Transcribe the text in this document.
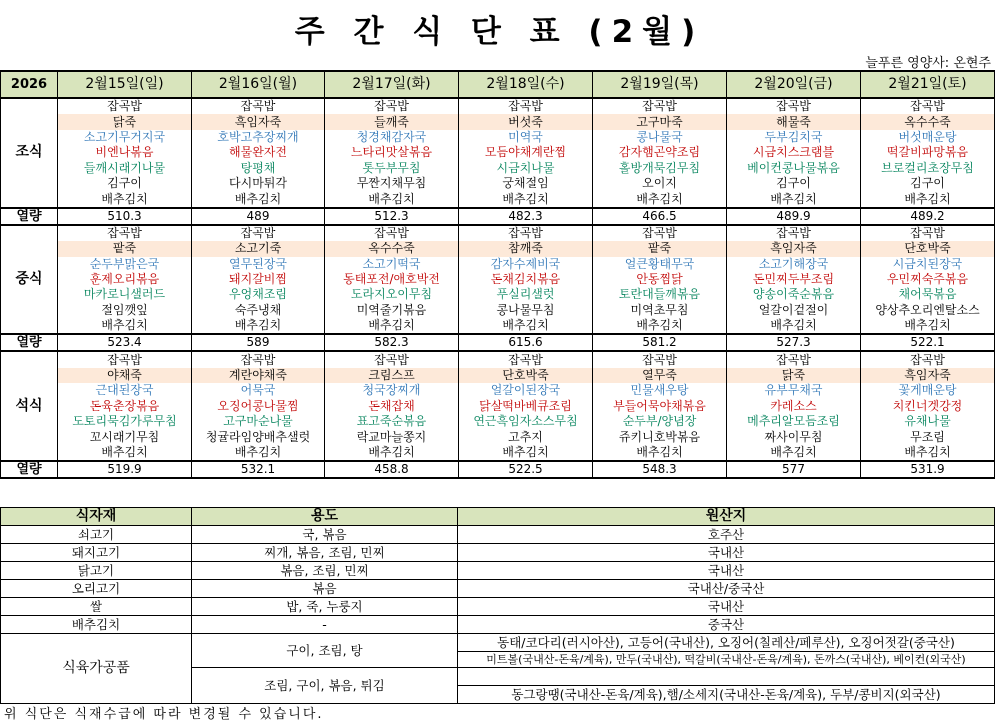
주 간 식 단 표 (2월)
늘푸른 영양사: 온현주
2026	2월15일(일)	2월16일(월)	2월17일(화)	2월18일(수)	2월19일(목)	2월20일(금)	2월21일(토)
조식	잡곡밥	잡곡밥	잡곡밥	잡곡밥	잡곡밥	잡곡밥	잡곡밥
	닭죽	흑임자죽	들깨죽	버섯죽	고구마죽	해물죽	옥수수죽
	소고기무거지국	호박고추장찌개	청경채감자국	미역국	콩나물국	두부김치국	버섯매운탕
	비엔나볶음	해물완자전	느타리맛살볶음	모듬야채계란찜	감자햄곤약조림	시금치스크램블	떡갈비파망볶음
	들깨시래기나물	탕평채	톳두부무침	시금치나물	홀방개묵김무침	베이컨콩나물볶음	브로컬리초장무침
	김구이	다시마튀각	무짠지채무침	궁채절임	오이지	김구이	김구이
	배추김치	배추김치	배추김치	배추김치	배추김치	배추김치	배추김치
열량	510.3	489	512.3	482.3	466.5	489.9	489.2
중식	잡곡밥	잡곡밥	잡곡밥	잡곡밥	잡곡밥	잡곡밥	잡곡밥
	팥죽	소고기죽	옥수수죽	참깨죽	팥죽	흑임자죽	단호박죽
	순두부맑은국	열무된장국	소고기떡국	감자수제비국	얼큰황태무국	소고기해장국	시금치된장국
	훈제오리볶음	돼지갈비찜	동태포전/애호박전	돈채김치볶음	안동찜닭	돈민찌두부조림	우민찌숙주볶음
	마카로니샐러드	우엉채조림	도라지오이무침	푸실리샐럿	토란대들깨볶음	양송이죽순볶음	채어묵볶음
	절임깻잎	숙주냉채	미역줄기볶음	콩나물무침	미역초무침	얼갈이겉절이	양상추오리엔탈소스
	배추김치	배추김치	배추김치	배추김치	배추김치	배추김치	배추김치
열량	523.4	589	582.3	615.6	581.2	527.3	522.1
석식	잡곡밥	잡곡밥	잡곡밥	잡곡밥	잡곡밥	잡곡밥	잡곡밥
	야채죽	계란야채죽	크림스프	단호박죽	열무죽	닭죽	흑임자죽
	근대된장국	어묵국	청국장찌개	얼갈이된장국	민물새우탕	유부무채국	꽃게매운탕
	돈육춘장볶음	오징어콩나물찜	돈채잡채	닭살떡바베큐조림	부들어묵야채볶음	카레소스	치킨너겟강정
	도토리묵김가루무침	고구마순나물	표고죽순볶음	연근흑임자소스무침	순두부/양념장	메추리알모듬조림	유채나물
	꼬시래기무침	청귤라임양배추샐럿	락교마늘쫑지	고추지	쥬키니호박볶음	짜사이무침	무조림
	배추김치	배추김치	배추김치	배추김치	배추김치	배추김치	배추김치
열량	519.9	532.1	458.8	522.5	548.3	577	531.9
식자재	용도	원산지
쇠고기	국, 볶음	호주산
돼지고기	찌개, 볶음, 조림, 민찌	국내산
닭고기	볶음, 조림, 민찌	국내산
오리고기	볶음	국내산/중국산
쌀	밥, 죽, 누룽지	국내산
배추김치	-	중국산
식육가공품	구이, 조림, 탕	동태/코다리(러시아산), 고등어(국내산), 오징어(칠레산/페루산), 오징어젓갈(중국산)
		미트볼(국내산-돈육/계육), 만두(국내산), 떡갈비(국내산-돈육/계육), 돈까스(국내산), 베이컨(외국산)
	조림, 구이, 볶음, 튀김	
		동그랑땡(국내산-돈육/계육),햄/소세지(국내산-돈육/계육), 두부/콩비지(외국산)
위 식단은 식재수급에 따라 변경될 수 있습니다.
